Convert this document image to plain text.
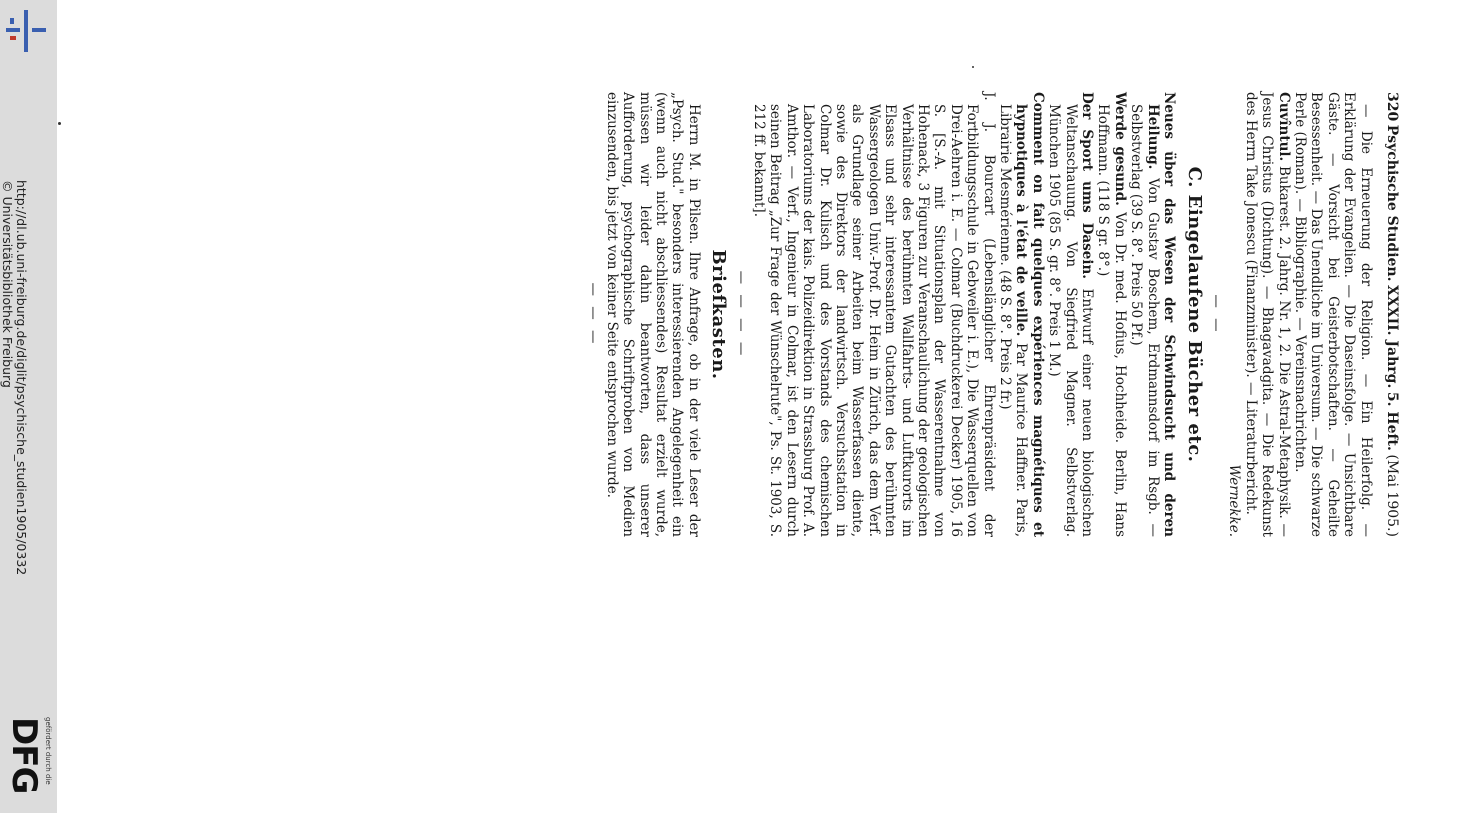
http://dl.ub.uni-freiburg.de/diglit/psychische_studien1905/0332
© Universitätsbibliothek Freiburg
DFG gefördert durch die
320
Psychische Studien.
XXXII. Jahrg.
5. Heft.
(Mai 1905.)

— Die Erneuerung der Religion. — Ein Heilerfolg. — Erklärung der Evangelien. — Die Daseinsfolge. — Unsichtbare Gäste. — Vorsicht bei Geisterbotschaften. — Geheilte Besessenheit. — Das Unendliche im Universum. — Die schwarze Perle (Roman). — Bibliographie. — Vereinsnachrichten.

Cuvîntul. Bukarest. 2. Jahrg. Nr. 1, 2. Die Astral-Metaphysik. — Jesus Christus (Dichtung). — Bhagavadgita. — Die Redekunst des Herrn Take Jonescu (Finanzminister). — Literaturbericht.

Wernekke.

— —
C. Eingelaufene Bücher etc.

Neues über das Wesen der Schwindsucht und deren Heilung. Von Gustav Boschem, Erdmannsdorf im Rsgb. — Selbstverlag (39 S. 8°. Preis 50 Pf.)

Werde gesund. Von Dr. med. Hofius, Hochheide. Berlin, Hans Hoffmann. (118 S gr. 8°.)

Der Sport ums Dasein. Entwurf einer neuen biologischen Weltanschauung. Von Siegfried Magner. Selbstverlag. München 1905 (85 S. gr. 8°. Preis 1 M.)

Comment on fait quelques expériences magnétiques et hypnotiques à l'état de veille. Par Maurice Haffner. Paris, Librairie Mesmérienne. (48 S. 8°. Preis 2 fr.)

J. J. Bourcart (Lebenslänglicher Ehrenpräsident der Fortbildungsschule in Gebweiler i. E.), Die Wasserquellen von Drei-Aehren i. E. — Colmar (Buchdruckerei Decker) 1905, 16 S. [S.-A. mit Situationsplan der Wasserentnahme von Hohenack, 3 Figuren zur Veranschaulichung der geologischen Verhältnisse des berühmten Wallfahrts- und Luftkurorts im Elsass und sehr interessantem Gutachten des berühmten Wassergeologen Univ.-Prof. Dr. Heim in Zürich, das dem Verf. als Grundlage seiner Arbeiten beim Wasserfassen diente, sowie des Direktors der landwirtsch. Versuchsstation in Colmar Dr. Kulisch und des Vorstands des chemischen Laboratoriums der kais. Polizeidirektion in Strassburg Prof. A. Amthor. — Verf., Ingenieur in Colmar, ist den Lesern durch seinen Beitrag „Zur Frage der Wünschelrute", Ps. St. 1903, S. 212 ff. bekannt].

— — — —
Briefkasten.

Herrn M. in Pilsen. Ihre Anfrage, ob in der viele Leser der „Psych. Stud." besonders interessierenden Angelegenheit ein (wenn auch nicht abschliessendes) Resultat erzielt wurde, müssen wir leider dahin beantworten, dass unserer Aufforderung, psychographische Schriftproben von Medien einzusenden, bis jetzt von keiner Seite entsprochen wurde.

— — —
